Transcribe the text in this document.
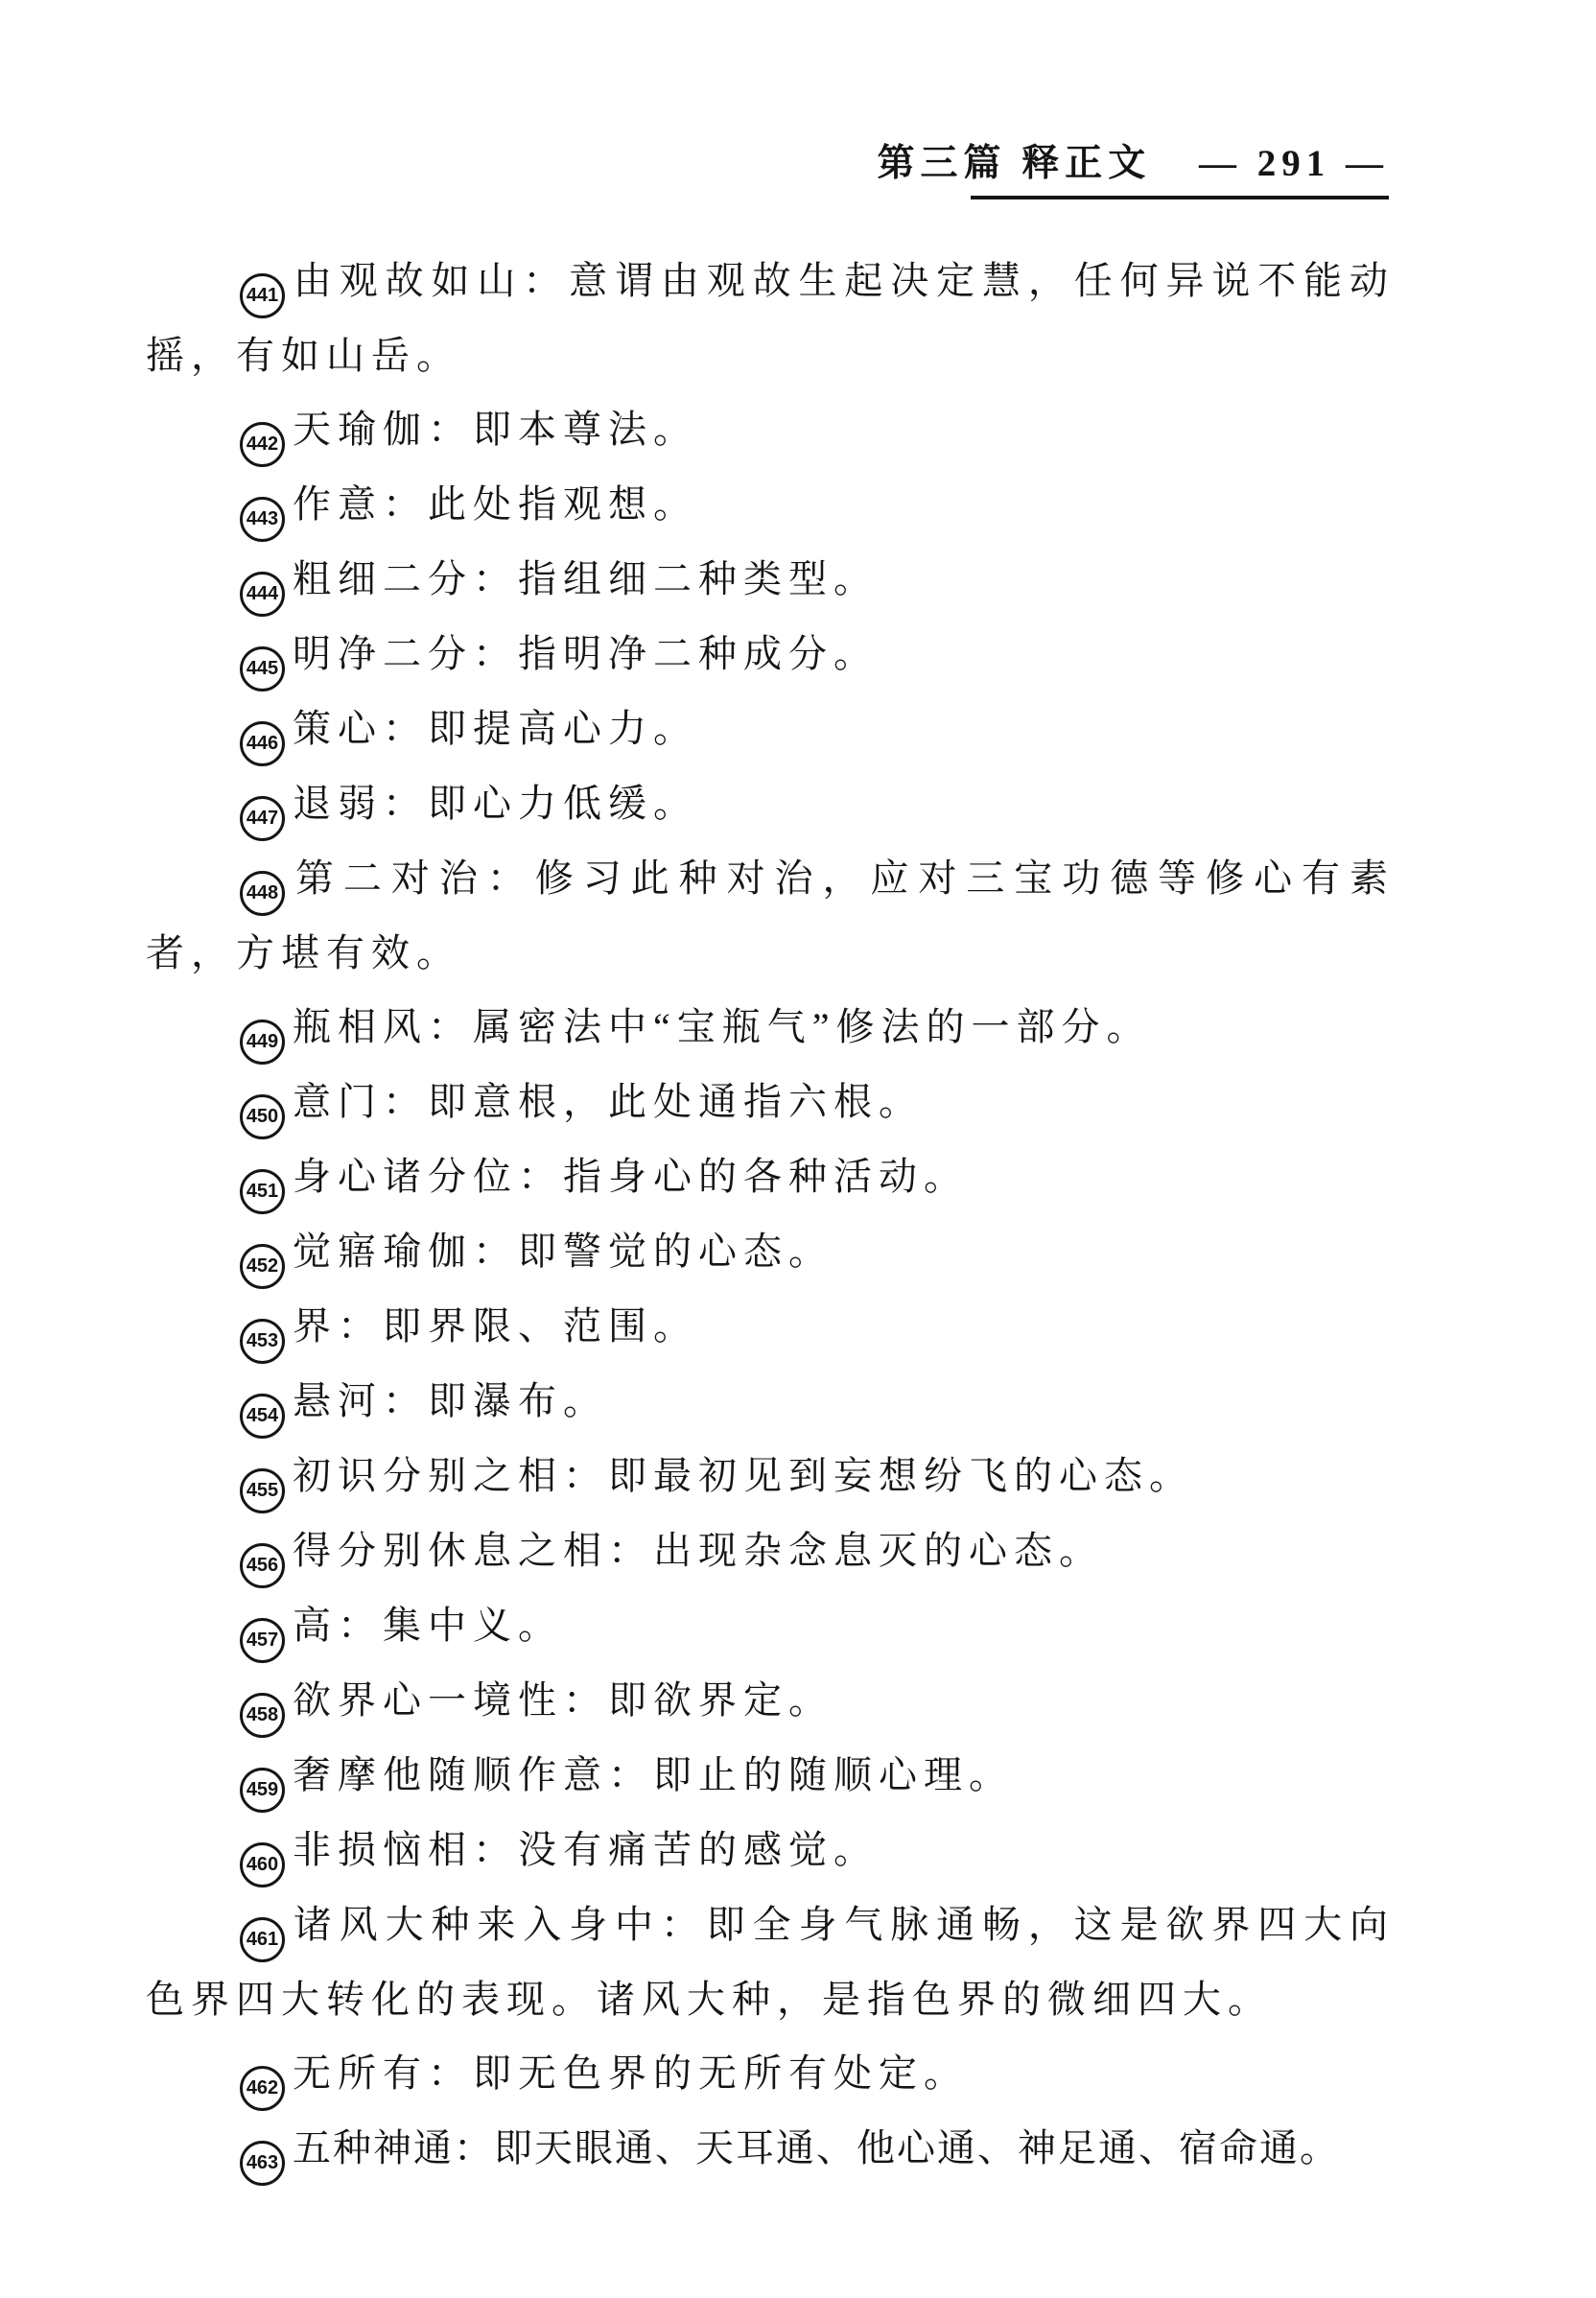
第三篇 释正文 — 291 —

441 由观故如山：意谓由观故生起决定慧，任何异说不能动摇，有如山岳。

442 天瑜伽：即本尊法。

443 作意：此处指观想。

444 粗细二分：指组细二种类型。

445 明净二分：指明净二种成分。

446 策心：即提高心力。

447 退弱：即心力低缓。

448 第二对治：修习此种对治，应对三宝功德等修心有素者，方堪有效。

449 瓶相风：属密法中“宝瓶气”修法的一部分。

450 意门：即意根，此处通指六根。

451 身心诸分位：指身心的各种活动。

452 觉寤瑜伽：即警觉的心态。

453 界：即界限、范围。

454 悬河：即瀑布。

455 初识分别之相：即最初见到妄想纷飞的心态。

456 得分别休息之相：出现杂念息灭的心态。

457 高：集中义。

458 欲界心一境性：即欲界定。

459 奢摩他随顺作意：即止的随顺心理。

460 非损恼相：没有痛苦的感觉。

461 诸风大种来入身中：即全身气脉通畅，这是欲界四大向色界四大转化的表现。诸风大种，是指色界的微细四大。

462 无所有：即无色界的无所有处定。

463 五种神通：即天眼通、天耳通、他心通、神足通、宿命通。
